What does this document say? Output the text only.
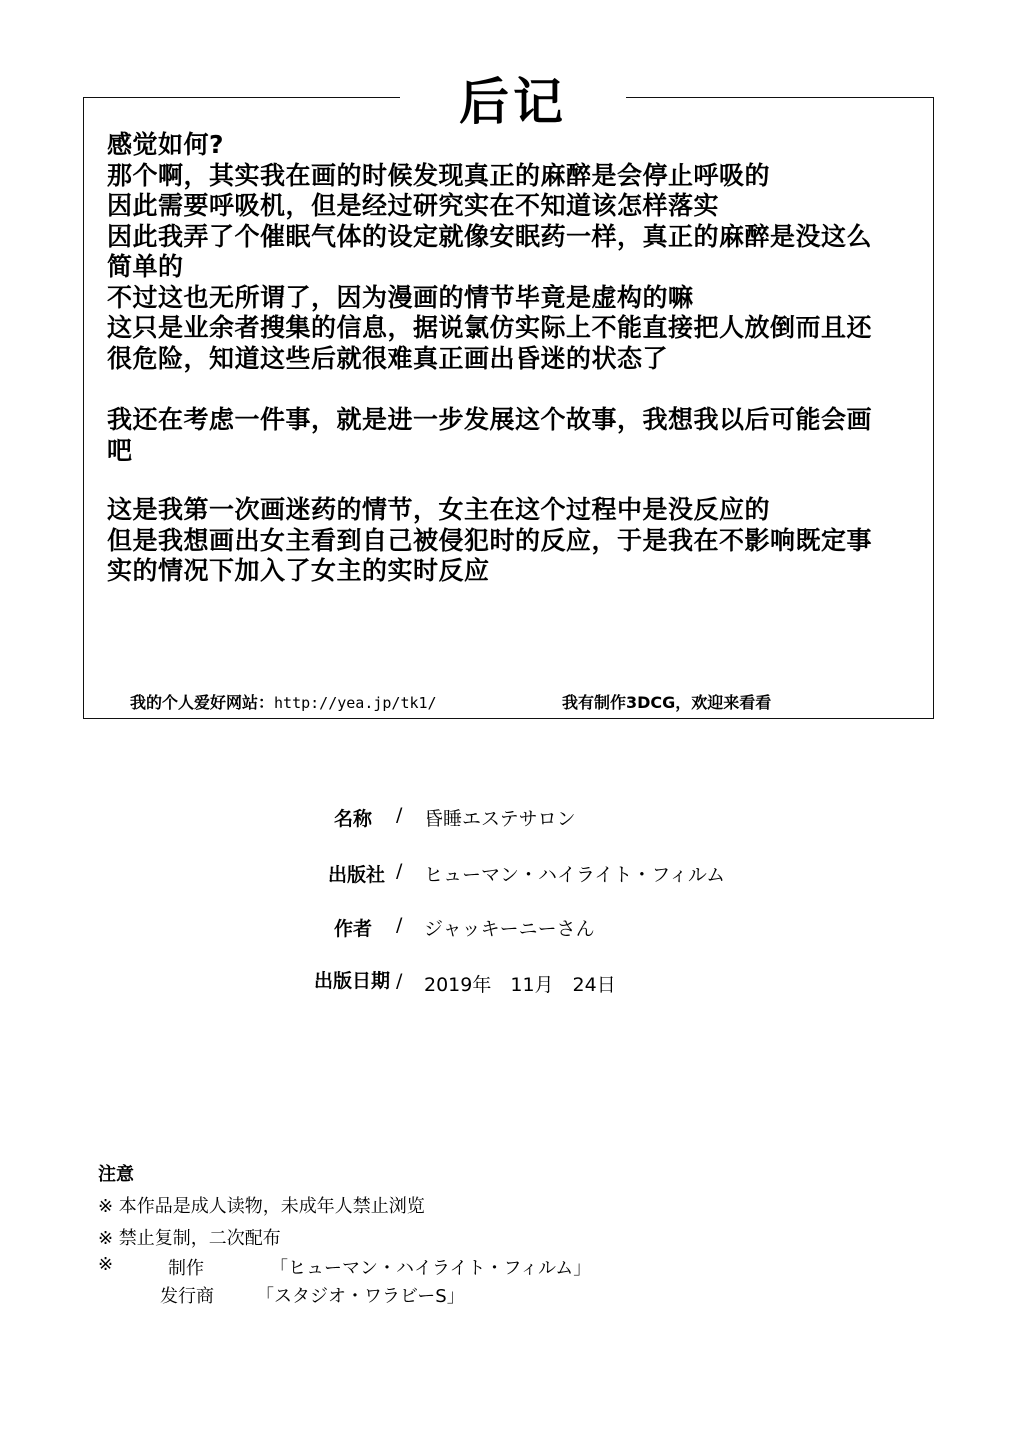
后记
感觉如何?
那个啊，其实我在画的时候发现真正的麻醉是会停止呼吸的
因此需要呼吸机，但是经过研究实在不知道该怎样落实
因此我弄了个催眠气体的设定就像安眠药一样，真正的麻醉是没这么
简单的
不过这也无所谓了，因为漫画的情节毕竟是虚构的嘛
这只是业余者搜集的信息，据说氯仿实际上不能直接把人放倒而且还
很危险，知道这些后就很难真正画出昏迷的状态了
我还在考虑一件事，就是进一步发展这个故事，我想我以后可能会画
吧
这是我第一次画迷药的情节，女主在这个过程中是没反应的
但是我想画出女主看到自己被侵犯时的反应，于是我在不影响既定事
实的情况下加入了女主的实时反应
我的个人爱好网站：http://yea.jp/tk1/	我有制作3DCG，欢迎来看看
名称 / 昏睡エステサロン
出版社 / ヒューマン・ハイライト・フィルム
作者 / ジャッキーニーさん
出版日期 / 2019年　11月　24日
注意
※ 本作品是成人读物，未成年人禁止浏览
※ 禁止复制，二次配布
※	制作	「ヒューマン・ハイライト・フィルム」
发行商 「スタジオ・ワラビーS」
